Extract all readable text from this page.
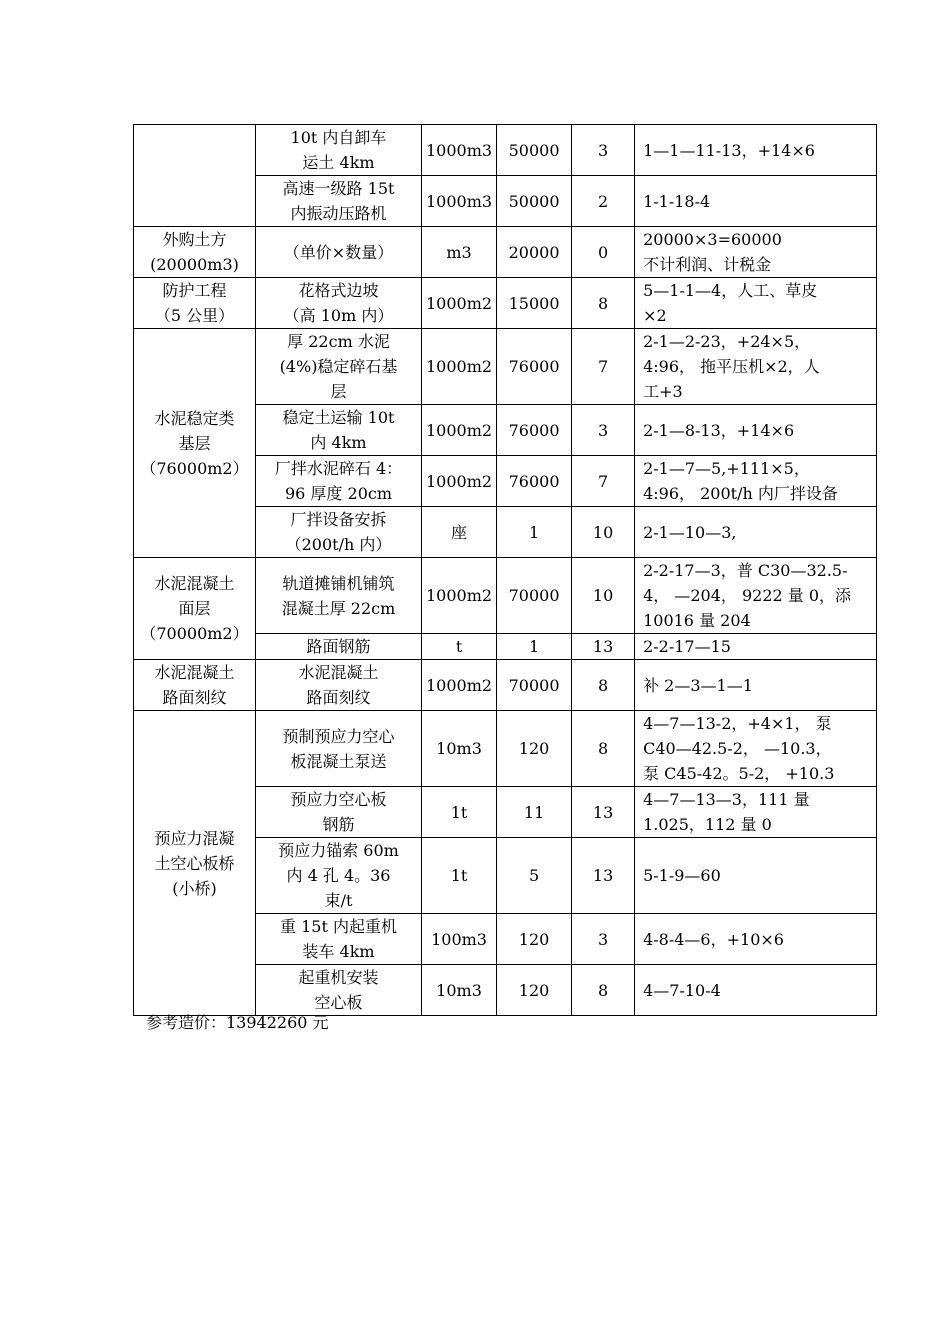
	10t 内自卸车
运土 4km	1000m3	50000	3	1—1—11-13，+14×6
	高速一级路 15t
内振动压路机	1000m3	50000	2	1-1-18-4
外购土方
(20000m3)	（单价×数量）	m3	20000	0	20000×3=60000
不计利润、计税金
防护工程
（5 公里）	花格式边坡
（高 10m 内）	1000m2	15000	8	5—1-1—4，人工、草皮
×2
水泥稳定类
基层
（76000m2）	厚 22cm 水泥
(4%)稳定碎石基
层	1000m2	76000	7	2-1—2-23，+24×5，
4:96， 拖平压机×2，人
工+3
	稳定土运输 10t
内 4km	1000m2	76000	3	2-1—8-13，+14×6
	厂拌水泥碎石 4：
96 厚度 20cm	1000m2	76000	7	2-1—7—5,+111×5，
4:96， 200t/h 内厂拌设备
	厂拌设备安拆
（200t/h 内）	座	1	10	2-1—10—3,
水泥混凝土
面层
（70000m2）	轨道摊铺机铺筑
混凝土厚 22cm	1000m2	70000	10	2-2-17—3，普 C30—32.5-
4， —204， 9222 量 0，添
10016 量 204
	路面钢筋	t	1	13	2-2-17—15
水泥混凝土
路面刻纹	水泥混凝土
路面刻纹	1000m2	70000	8	补 2—3—1—1
预应力混凝
土空心板桥
(小桥)	预制预应力空心
板混凝土泵送	10m3	120	8	4—7—13-2，+4×1， 泵
C40—42.5-2， —10.3，
泵 C45-42。5-2， +10.3
	预应力空心板
钢筋	1t	11	13	4—7—13—3，111 量
1.025，112 量 0
	预应力锚索 60m
内 4 孔 4。36
束/t	1t	5	13	5-1-9—60
	重 15t 内起重机
装车 4km	100m3	120	3	4-8-4—6，+10×6
	起重机安装
空心板	10m3	120	8	4—7-10-4
参考造价：13942260 元
